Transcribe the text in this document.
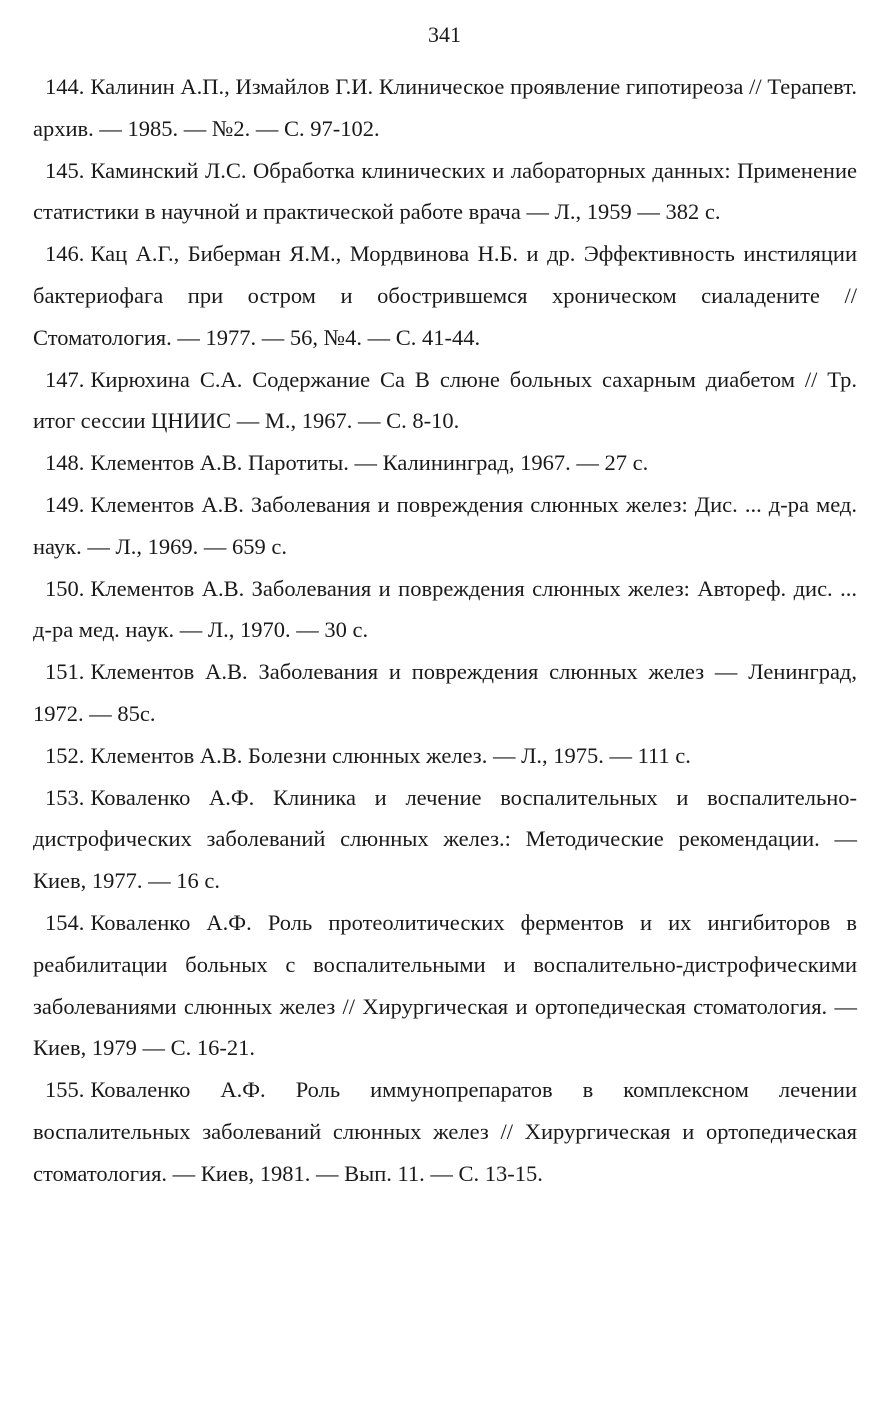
341

144. Калинин А.П., Измайлов Г.И. Клиническое проявление гипотиреоза // Терапевт. архив. — 1985. — №2. — С. 97-102.

145. Каминский Л.С. Обработка клинических и лабораторных данных: Применение статистики в научной и практической работе врача — Л., 1959 — 382 с.

146. Кац А.Г., Биберман Я.М., Мордвинова Н.Б. и др. Эффективность инстиляции бактериофага при остром и обострившемся хроническом сиаладените // Стоматология. — 1977. — 56, №4. — С. 41-44.

147. Кирюхина С.А. Содержание Са В слюне больных сахарным диабетом // Тр. итог сессии ЦНИИС — М., 1967. — С. 8-10.

148. Клементов А.В. Паротиты. — Калининград, 1967. — 27 с.

149. Клементов А.В. Заболевания и повреждения слюнных желез: Дис. ... д-ра мед. наук. — Л., 1969. — 659 с.

150. Клементов А.В. Заболевания и повреждения слюнных желез: Автореф. дис. ... д-ра мед. наук. — Л., 1970. — 30 с.

151. Клементов А.В. Заболевания и повреждения слюнных желез — Ленинград, 1972. — 85с.

152. Клементов А.В. Болезни слюнных желез. — Л., 1975. — 111 с.

153. Коваленко А.Ф. Клиника и лечение воспалительных и воспалительно-дистрофических заболеваний слюнных желез.: Методические рекомендации. — Киев, 1977. — 16 с.

154. Коваленко А.Ф. Роль протеолитических ферментов и их ингибиторов в реабилитации больных с воспалительными и воспалительно-дистрофическими заболеваниями слюнных желез // Хирургическая и ортопедическая стоматология. — Киев, 1979 — С. 16-21.

155. Коваленко А.Ф. Роль иммунопрепаратов в комплексном лечении воспалительных заболеваний слюнных желез // Хирургическая и ортопедическая стоматология. — Киев, 1981. — Вып. 11. — С. 13-15.
